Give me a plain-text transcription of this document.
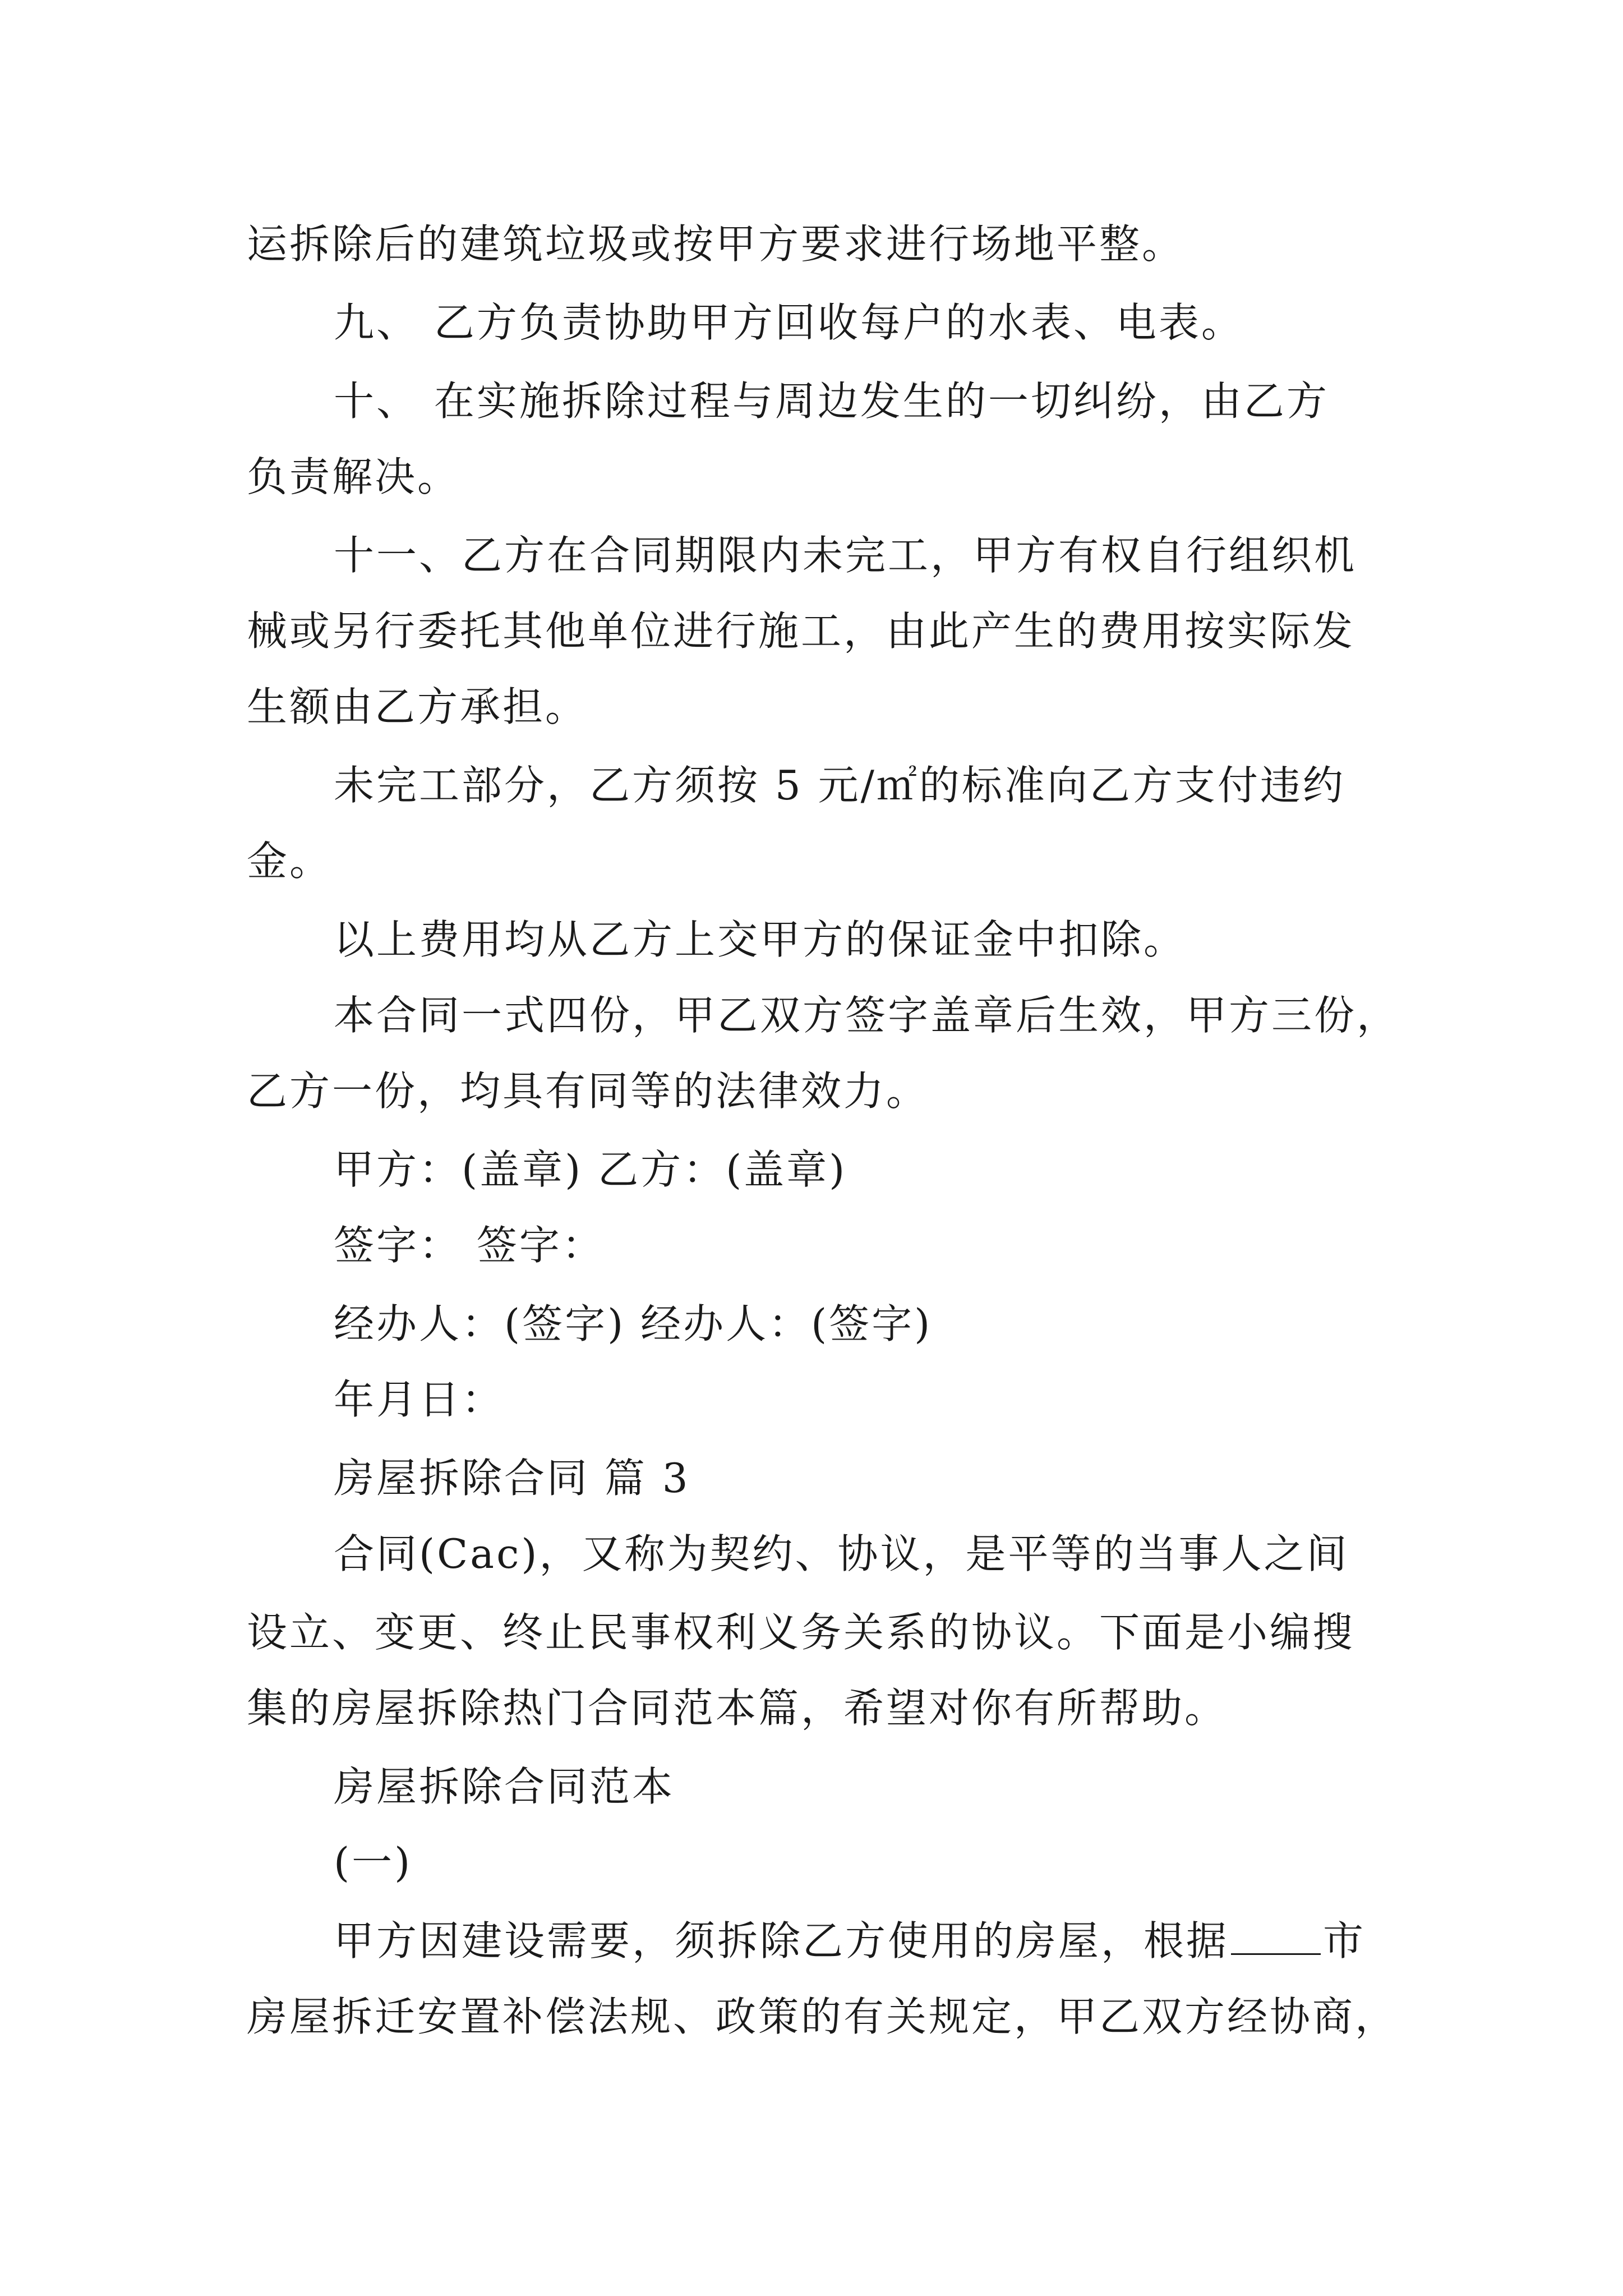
运拆除后的建筑垃圾或按甲方要求进行场地平整。
九、 乙方负责协助甲方回收每户的水表、电表。
十、 在实施拆除过程与周边发生的一切纠纷，由乙方
负责解决。
十一、乙方在合同期限内未完工，甲方有权自行组织机
械或另行委托其他单位进行施工，由此产生的费用按实际发
生额由乙方承担。
未完工部分，乙方须按 5 元/㎡的标准向乙方支付违约
金。
以上费用均从乙方上交甲方的保证金中扣除。
本合同一式四份，甲乙双方签字盖章后生效，甲方三份，
乙方一份，均具有同等的法律效力。
甲方：(盖章) 乙方：(盖章)
签字： 签字：
经办人：(签字) 经办人：(签字)
年月日：
房屋拆除合同 篇 3
合同(Cac)，又称为契约、协议，是平等的当事人之间
设立、变更、终止民事权利义务关系的协议。下面是小编搜
集的房屋拆除热门合同范本篇，希望对你有所帮助。
房屋拆除合同范本
(一)
甲方因建设需要，须拆除乙方使用的房屋，根据 市
房屋拆迁安置补偿法规、政策的有关规定，甲乙双方经协商，
